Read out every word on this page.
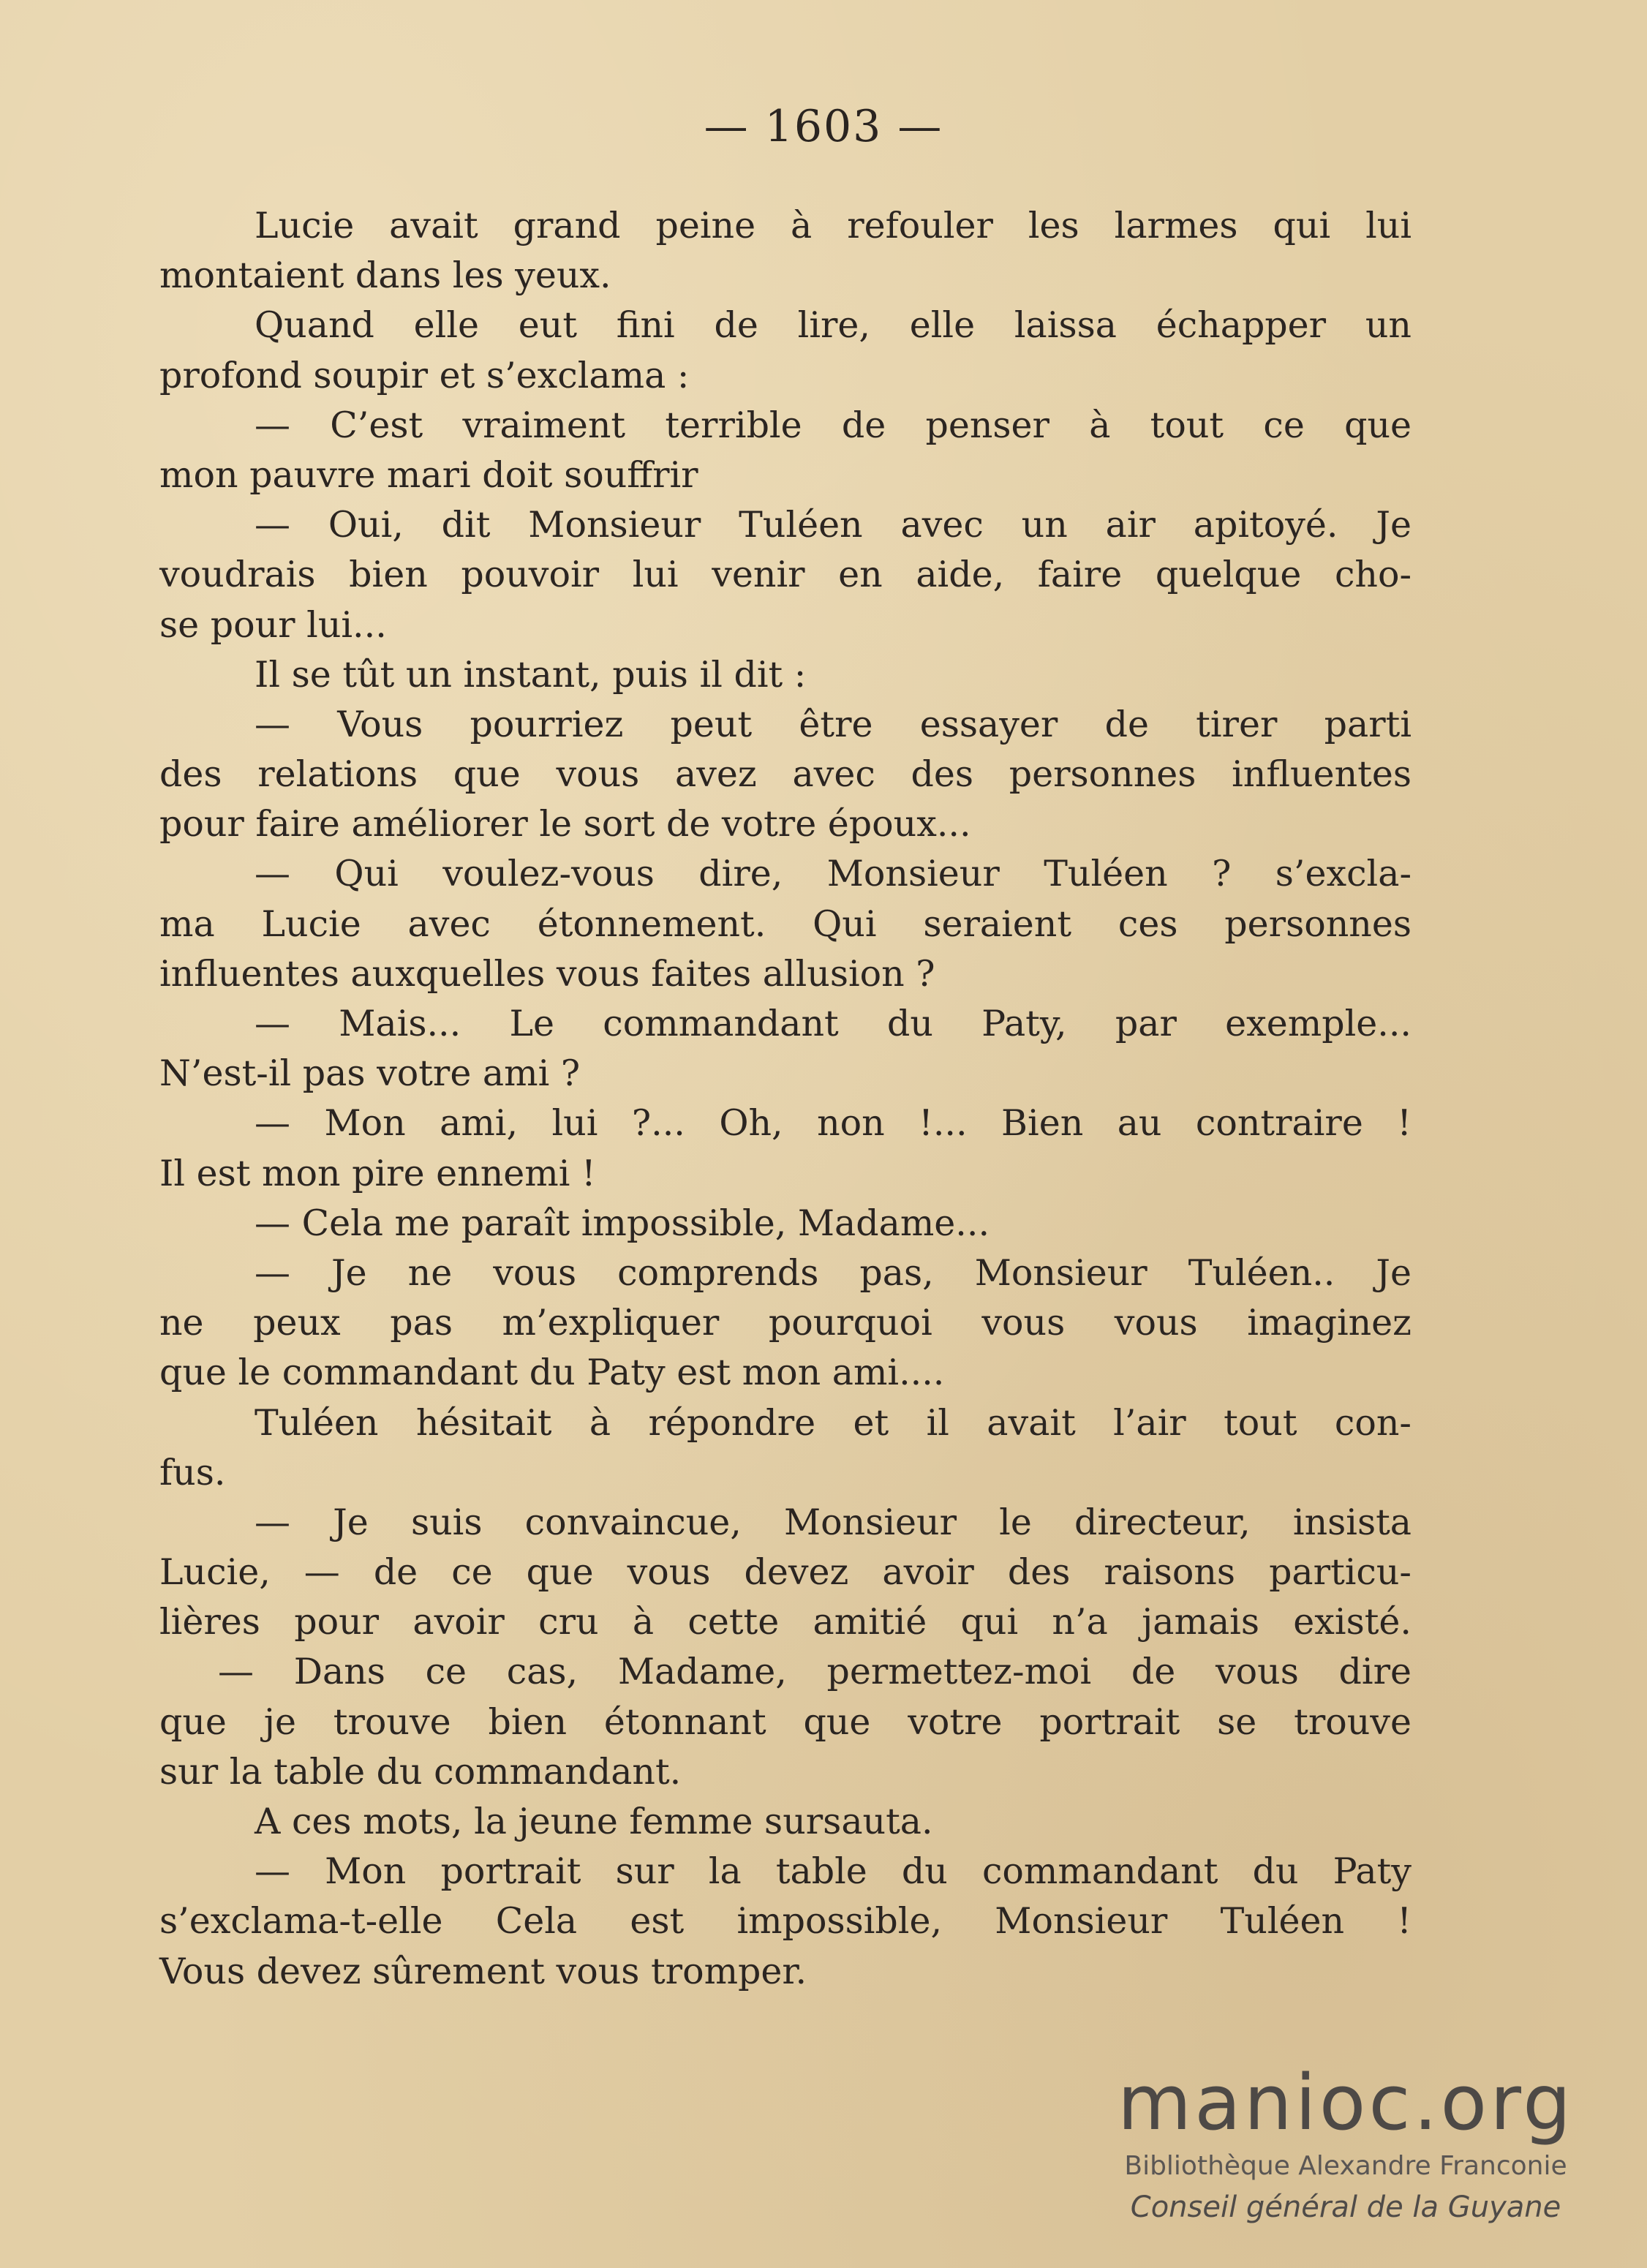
— 1603 —
Lucie avait grand peine à refouler les larmes qui lui
montaient dans les yeux.
Quand elle eut fini de lire, elle laissa échapper un
profond soupir et s’exclama :
— C’est vraiment terrible de penser à tout ce que
mon pauvre mari doit souffrir
— Oui, dit Monsieur Tuléen avec un air apitoyé. Je
voudrais bien pouvoir lui venir en aide, faire quelque cho-
se pour lui...
Il se tût un instant, puis il dit :
— Vous pourriez peut être essayer de tirer parti
des relations que vous avez avec des personnes influentes
pour faire améliorer le sort de votre époux...
— Qui voulez-vous dire, Monsieur Tuléen ? s’excla-
ma Lucie avec étonnement. Qui seraient ces personnes
influentes auxquelles vous faites allusion ?
— Mais... Le commandant du Paty, par exemple...
N’est-il pas votre ami ?
— Mon ami, lui ?... Oh, non !... Bien au contraire !
Il est mon pire ennemi !
— Cela me paraît impossible, Madame...
— Je ne vous comprends pas, Monsieur Tuléen.. Je
ne peux pas m’expliquer pourquoi vous vous imaginez
que le commandant du Paty est mon ami....
Tuléen hésitait à répondre et il avait l’air tout con-
fus.
— Je suis convaincue, Monsieur le directeur, insista
Lucie, — de ce que vous devez avoir des raisons particu-
lières pour avoir cru à cette amitié qui n’a jamais existé.
— Dans ce cas, Madame, permettez-moi de vous dire
que je trouve bien étonnant que votre portrait se trouve
sur la table du commandant.
A ces mots, la jeune femme sursauta.
— Mon portrait sur la table du commandant du Paty
s’exclama-t-elle Cela est impossible, Monsieur Tuléen !
Vous devez sûrement vous tromper.
manioc.org
Bibliothèque Alexandre Franconie
Conseil général de la Guyane
